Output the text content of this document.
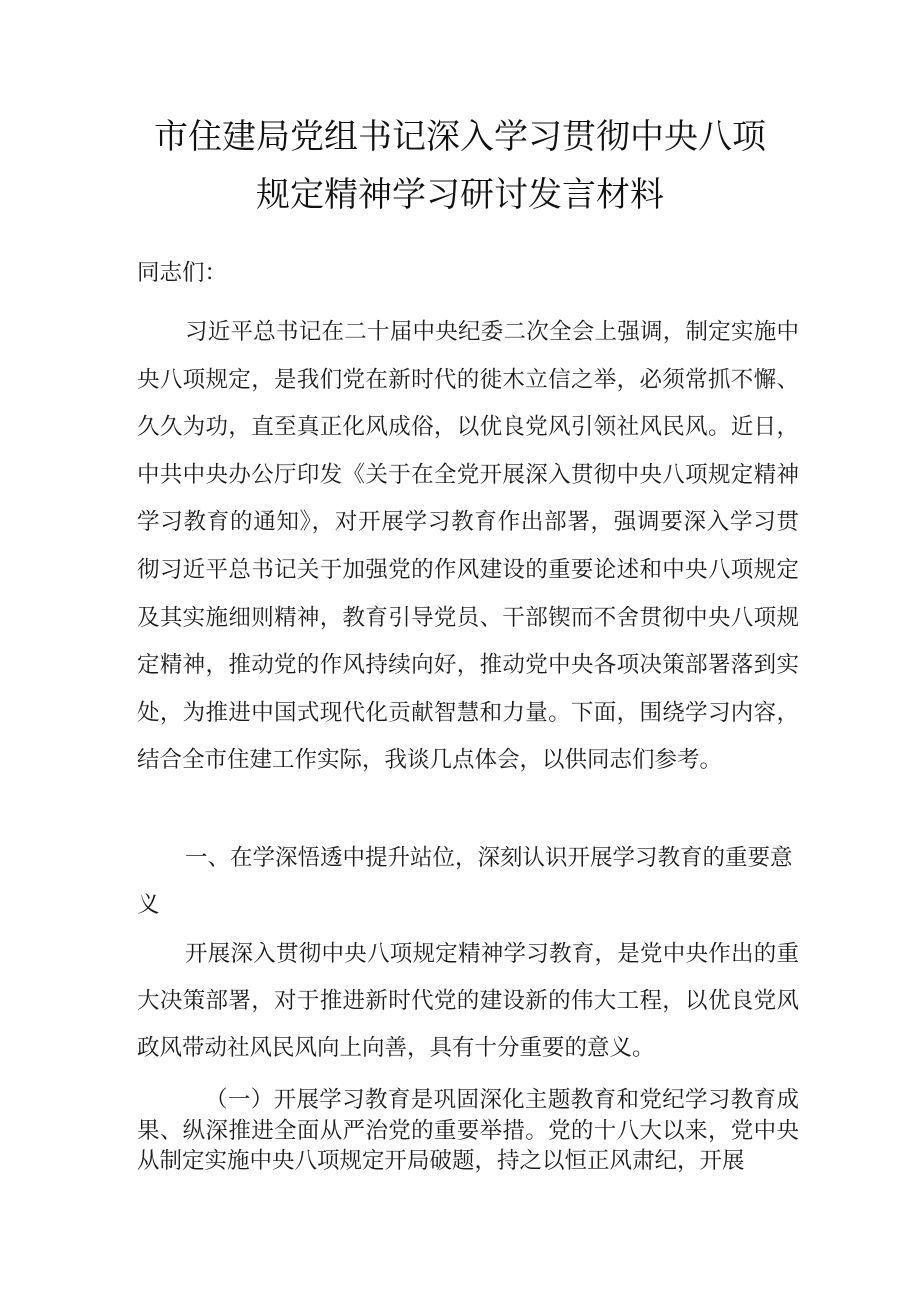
市住建局党组书记深入学习贯彻中央八项
规定精神学习研讨发言材料
同志们：

习近平总书记在二十届中央纪委二次全会上强调，制定实施中央八项规定，是我们党在新时代的徙木立信之举，必须常抓不懈、久久为功，直至真正化风成俗，以优良党风引领社风民风。近日，中共中央办公厅印发《关于在全党开展深入贯彻中央八项规定精神学习教育的通知》，对开展学习教育作出部署，强调要深入学习贯彻习近平总书记关于加强党的作风建设的重要论述和中央八项规定及其实施细则精神，教育引导党员、干部锲而不舍贯彻中央八项规定精神，推动党的作风持续向好，推动党中央各项决策部署落到实处，为推进中国式现代化贡献智慧和力量。下面，围绕学习内容，结合全市住建工作实际，我谈几点体会，以供同志们参考。

一、在学深悟透中提升站位，深刻认识开展学习教育的重要意义

开展深入贯彻中央八项规定精神学习教育，是党中央作出的重大决策部署，对于推进新时代党的建设新的伟大工程，以优良党风政风带动社风民风向上向善，具有十分重要的意义。

（一）开展学习教育是巩固深化主题教育和党纪学习教育成果、纵深推进全面从严治党的重要举措。党的十八大以来，党中央从制定实施中央八项规定开局破题，持之以恒正风肃纪，开展
